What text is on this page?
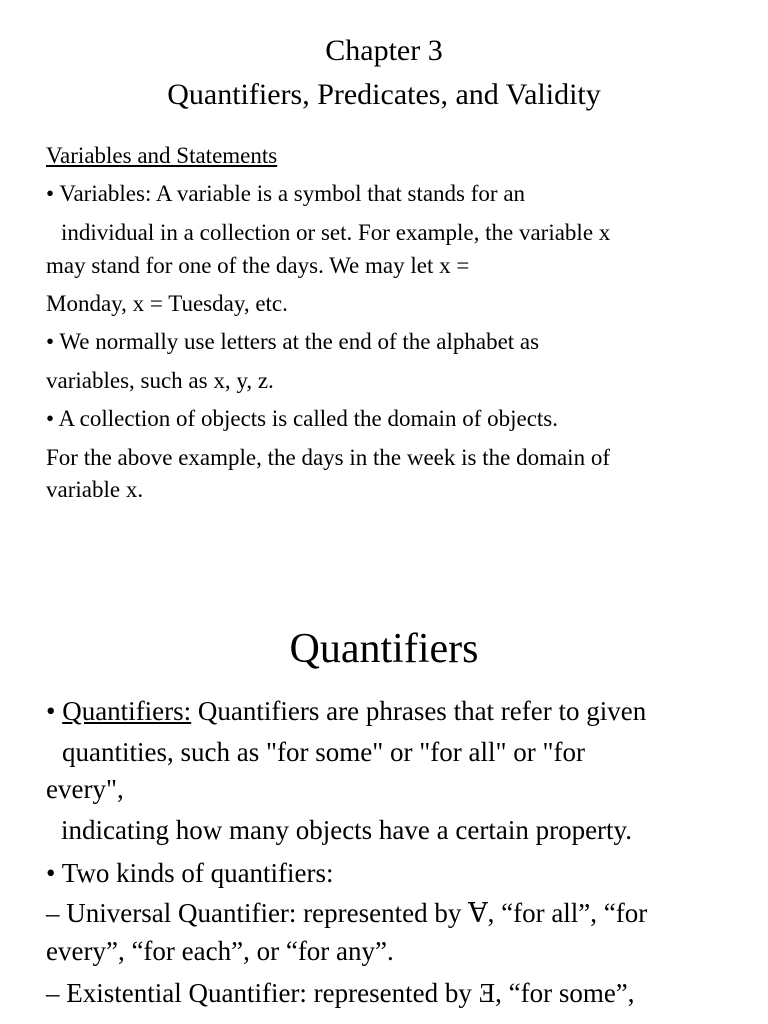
Chapter 3
Quantifiers, Predicates, and Validity
Variables and Statements
• Variables: A variable is a symbol that stands for an
individual in a collection or set. For example, the variable x
may stand for one of the days. We may let x =
Monday, x = Tuesday, etc.
• We normally use letters at the end of the alphabet as
variables, such as x, y, z.
• A collection of objects is called the domain of objects.
For the above example, the days in the week is the domain of
variable x.
Quantifiers
• Quantifiers: Quantifiers are phrases that refer to given
quantities, such as "for some" or "for all" or "for
every",
indicating how many objects have a certain property.
• Two kinds of quantifiers:
– Universal Quantifier: represented by Ɐ, “for all”, “for
every”, “for each”, or “for any”.
– Existential Quantifier: represented by Ǝ, “for some”,
